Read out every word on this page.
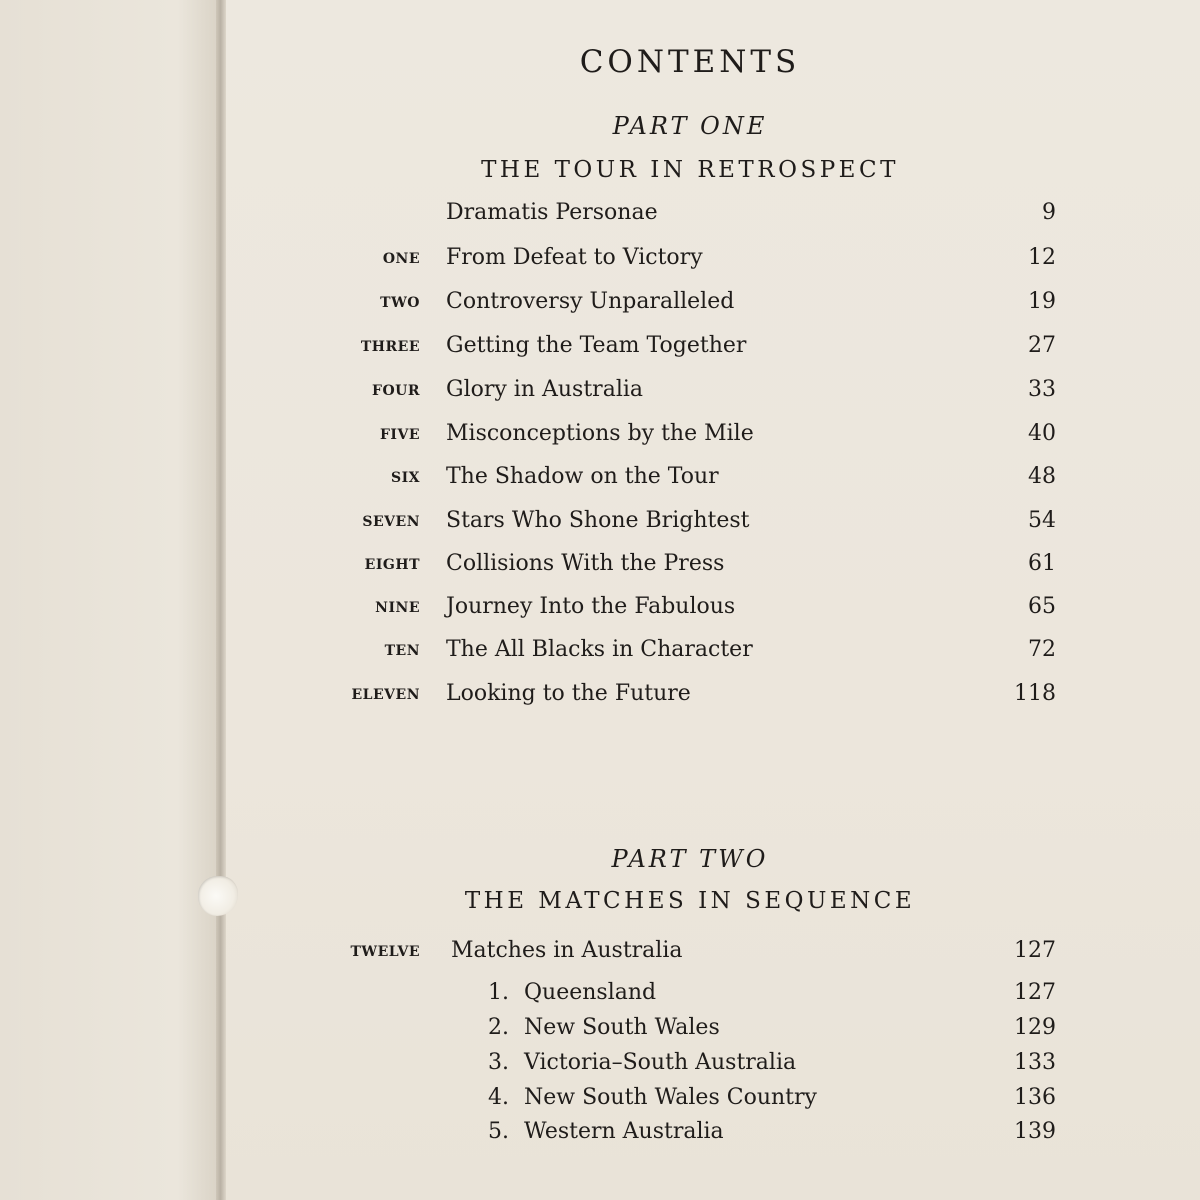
CONTENTS
PART ONE
THE TOUR IN RETROSPECT
Dramatis Personae	9
ONE From Defeat to Victory	12
TWO Controversy Unparalleled	19
THREE Getting the Team Together	27
FOUR Glory in Australia	33
FIVE Misconceptions by the Mile	40
SIX The Shadow on the Tour	48
SEVEN Stars Who Shone Brightest	54
EIGHT Collisions With the Press	61
NINE Journey Into the Fabulous	65
TEN The All Blacks in Character	72
ELEVEN Looking to the Future	118
PART TWO
THE MATCHES IN SEQUENCE
TWELVE Matches in Australia	127
1. Queensland	127
2. New South Wales	129
3. Victoria–South Australia	133
4. New South Wales Country	136
5. Western Australia	139
